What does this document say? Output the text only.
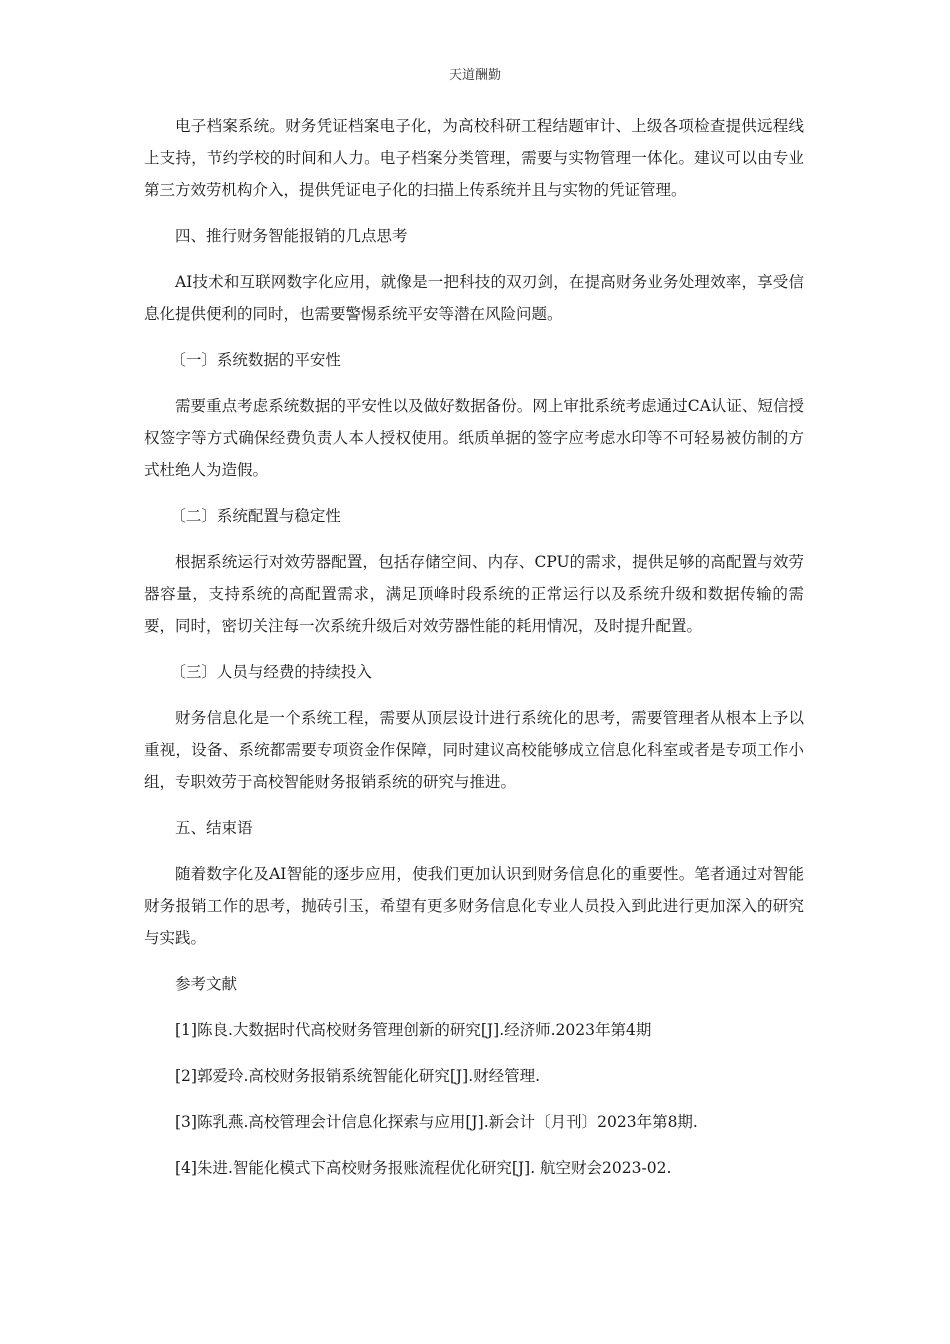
天道酬勤

电子档案系统。财务凭证档案电子化，为高校科研工程结题审计、上级各项检查提供远程线上支持，节约学校的时间和人力。电子档案分类管理，需要与实物管理一体化。建议可以由专业第三方效劳机构介入，提供凭证电子化的扫描上传系统并且与实物的凭证管理。

四、推行财务智能报销的几点思考

AI技术和互联网数字化应用，就像是一把科技的双刃剑，在提高财务业务处理效率，享受信息化提供便利的同时，也需要警惕系统平安等潜在风险问题。

〔一〕系统数据的平安性

需要重点考虑系统数据的平安性以及做好数据备份。网上审批系统考虑通过CA认证、短信授权签字等方式确保经费负责人本人授权使用。纸质单据的签字应考虑水印等不可轻易被仿制的方式杜绝人为造假。

〔二〕系统配置与稳定性

根据系统运行对效劳器配置，包括存储空间、内存、CPU的需求，提供足够的高配置与效劳器容量，支持系统的高配置需求，满足顶峰时段系统的正常运行以及系统升级和数据传输的需要，同时，密切关注每一次系统升级后对效劳器性能的耗用情况，及时提升配置。

〔三〕人员与经费的持续投入

财务信息化是一个系统工程，需要从顶层设计进行系统化的思考，需要管理者从根本上予以重视，设备、系统都需要专项资金作保障，同时建议高校能够成立信息化科室或者是专项工作小组，专职效劳于高校智能财务报销系统的研究与推进。

五、结束语

随着数字化及AI智能的逐步应用，使我们更加认识到财务信息化的重要性。笔者通过对智能财务报销工作的思考，抛砖引玉，希望有更多财务信息化专业人员投入到此进行更加深入的研究与实践。

参考文献

[1]陈良.大数据时代高校财务管理创新的研究[J].经济师.2023年第4期

[2]郭爱玲.高校财务报销系统智能化研究[J].财经管理.

[3]陈乳燕.高校管理会计信息化探索与应用[J].新会计〔月刊〕2023年第8期.

[4]朱进.智能化模式下高校财务报账流程优化研究[J]. 航空财会2023-02.
